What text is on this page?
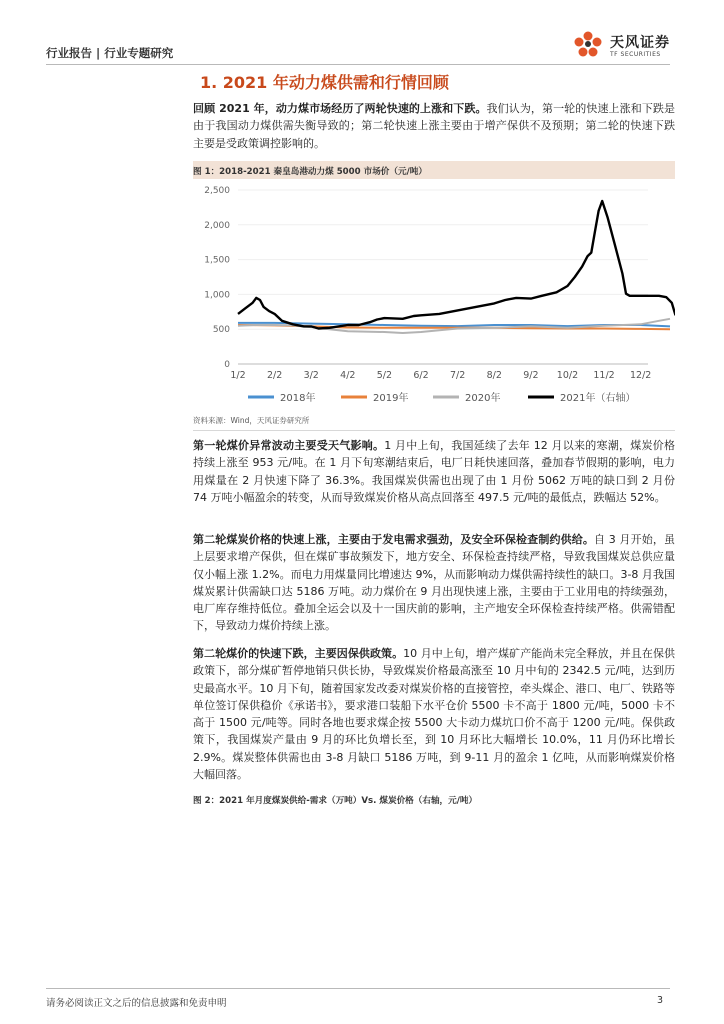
行业报告 | 行业专题研究
天风证券
TF SECURITIES
1. 2021 年动力煤供需和行情回顾
回顾 2021 年，动力煤市场经历了两轮快速的上涨和下跌。我们认为，第一轮的快速上涨和下跌是由于我国动力煤供需失衡导致的；第二轮快速上涨主要由于增产保供不及预期；第二轮的快速下跌主要是受政策调控影响的。
图 1：2018-2021 秦皇岛港动力煤 5000 市场价（元/吨）
0
500
1,000
1,500
2,000
2,500
1/2 2/2 3/2 4/2 5/2 6/2 7/2 8/2 9/2 10/2 11/2 12/2
2018年	2019年	2020年	2021年（右轴）
资料来源：Wind，天风证券研究所
第一轮煤价异常波动主要受天气影响。1 月中上旬，我国延续了去年 12 月以来的寒潮，煤炭价格持续上涨至 953 元/吨。在 1 月下旬寒潮结束后，电厂日耗快速回落，叠加春节假期的影响，电力用煤量在 2 月快速下降了 36.3%。我国煤炭供需也出现了由 1 月份 5062 万吨的缺口到 2 月份 74 万吨小幅盈余的转变，从而导致煤炭价格从高点回落至 497.5 元/吨的最低点，跌幅达 52%。
第二轮煤炭价格的快速上涨，主要由于发电需求强劲，及安全环保检查制约供给。自 3 月开始，虽上层要求增产保供，但在煤矿事故频发下，地方安全、环保检查持续严格，导致我国煤炭总供应量仅小幅上涨 1.2%。而电力用煤量同比增速达 9%，从而影响动力煤供需持续性的缺口。3-8 月我国煤炭累计供需缺口达 5186 万吨。动力煤价在 9 月出现快速上涨，主要由于工业用电的持续强劲，电厂库存维持低位。叠加全运会以及十一国庆前的影响，主产地安全环保检查持续严格。供需错配下，导致动力煤价持续上涨。
第二轮煤价的快速下跌，主要因保供政策。10 月中上旬，增产煤矿产能尚未完全释放，并且在保供政策下，部分煤矿暂停地销只供长协，导致煤炭价格最高涨至 10 月中旬的 2342.5 元/吨，达到历史最高水平。10 月下旬，随着国家发改委对煤炭价格的直接管控，牵头煤企、港口、电厂、铁路等单位签订保供稳价《承诺书》，要求港口装船下水平仓价 5500 卡不高于 1800 元/吨，5000 卡不高于 1500 元/吨等。同时各地也要求煤企按 5500 大卡动力煤坑口价不高于 1200 元/吨。保供政策下，我国煤炭产量由 9 月的环比负增长至，到 10 月环比大幅增长 10.0%，11 月仍环比增长 2.9%。煤炭整体供需也由 3-8 月缺口 5186 万吨，到 9-11 月的盈余 1 亿吨，从而影响煤炭价格大幅回落。
图 2：2021 年月度煤炭供给-需求（万吨）Vs. 煤炭价格（右轴，元/吨）
请务必阅读正文之后的信息披露和免责申明	3
